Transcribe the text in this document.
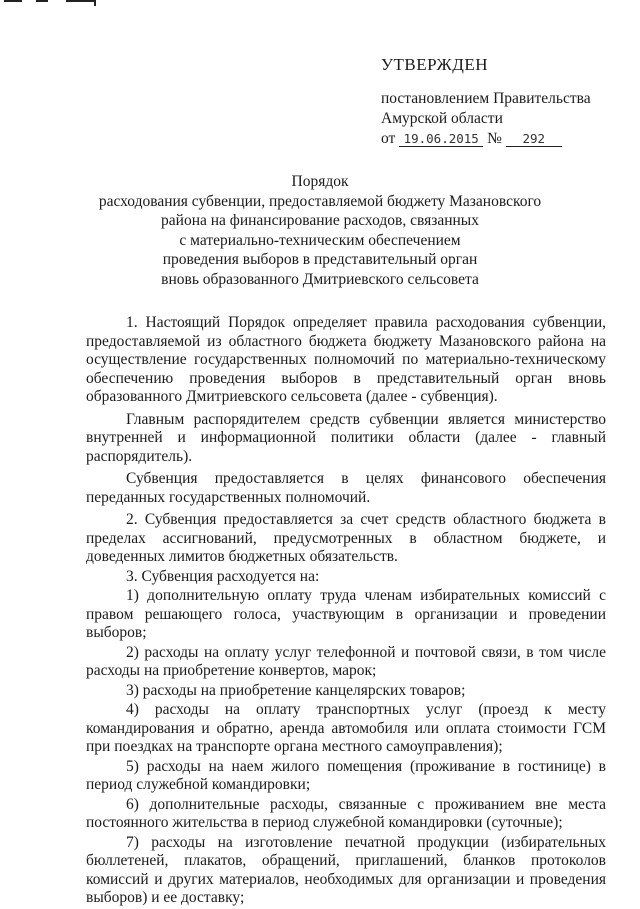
УТВЕРЖДЕН
постановлением Правительства
Амурской области
от 19.06.2015 № 292
Порядок
расходования субвенции, предоставляемой бюджету Мазановского
района на финансирование расходов, связанных
с материально-техническим обеспечением
проведения выборов в представительный орган
вновь образованного Дмитриевского сельсовета

1. Настоящий Порядок определяет правила расходования субвенции, предоставляемой из областного бюджета бюджету Мазановского района на осуществление государственных полномочий по материально-техническому обеспечению проведения выборов в представительный орган вновь образованного Дмитриевского сельсовета (далее - субвенция).

Главным распорядителем средств субвенции является министерство внутренней и информационной политики области (далее - главный распорядитель).

Субвенция предоставляется в целях финансового обеспечения переданных государственных полномочий.

2. Субвенция предоставляется за счет средств областного бюджета в пределах ассигнований, предусмотренных в областном бюджете, и доведенных лимитов бюджетных обязательств.

3. Субвенция расходуется на:

1) дополнительную оплату труда членам избирательных комиссий с правом решающего голоса, участвующим в организации и проведении выборов;

2) расходы на оплату услуг телефонной и почтовой связи, в том числе расходы на приобретение конвертов, марок;

3) расходы на приобретение канцелярских товаров;

4) расходы на оплату транспортных услуг (проезд к месту командирования и обратно, аренда автомобиля или оплата стоимости ГСМ при поездках на транспорте органа местного самоуправления);

5) расходы на наем жилого помещения (проживание в гостинице) в период служебной командировки;

6) дополнительные расходы, связанные с проживанием вне места постоянного жительства в период служебной командировки (суточные);

7) расходы на изготовление печатной продукции (избирательных бюллетеней, плакатов, обращений, приглашений, бланков протоколов комиссий и других материалов, необходимых для организации и проведения выборов) и ее доставку;
